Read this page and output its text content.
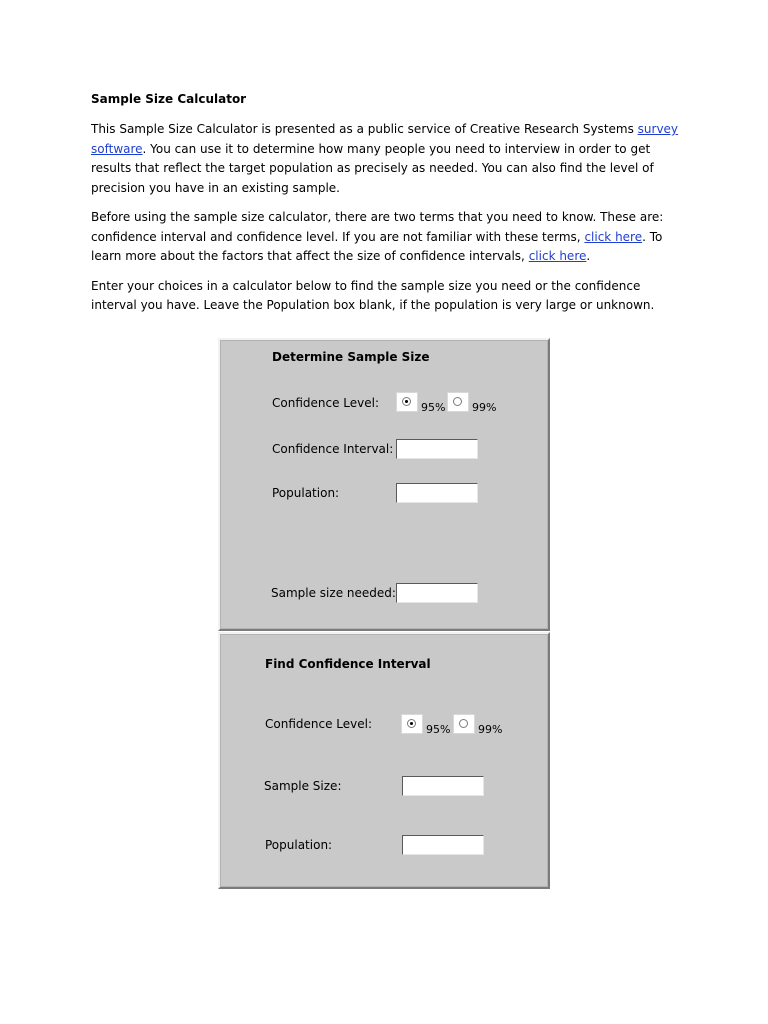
Sample Size Calculator

This Sample Size Calculator is presented as a public service of Creative Research Systems survey software. You can use it to determine how many people you need to interview in order to get results that reflect the target population as precisely as needed. You can also find the level of precision you have in an existing sample.

Before using the sample size calculator, there are two terms that you need to know. These are: confidence interval and confidence level. If you are not familiar with these terms, click here. To learn more about the factors that affect the size of confidence intervals, click here.

Enter your choices in a calculator below to find the sample size you need or the confidence interval you have. Leave the Population box blank, if the population is very large or unknown.

Determine Sample Size
Confidence Level:	95% 99%
Confidence Interval:
Population:
Sample size needed:
Find Confidence Interval
Confidence Level:	95%	99%
Sample Size:
Population:
